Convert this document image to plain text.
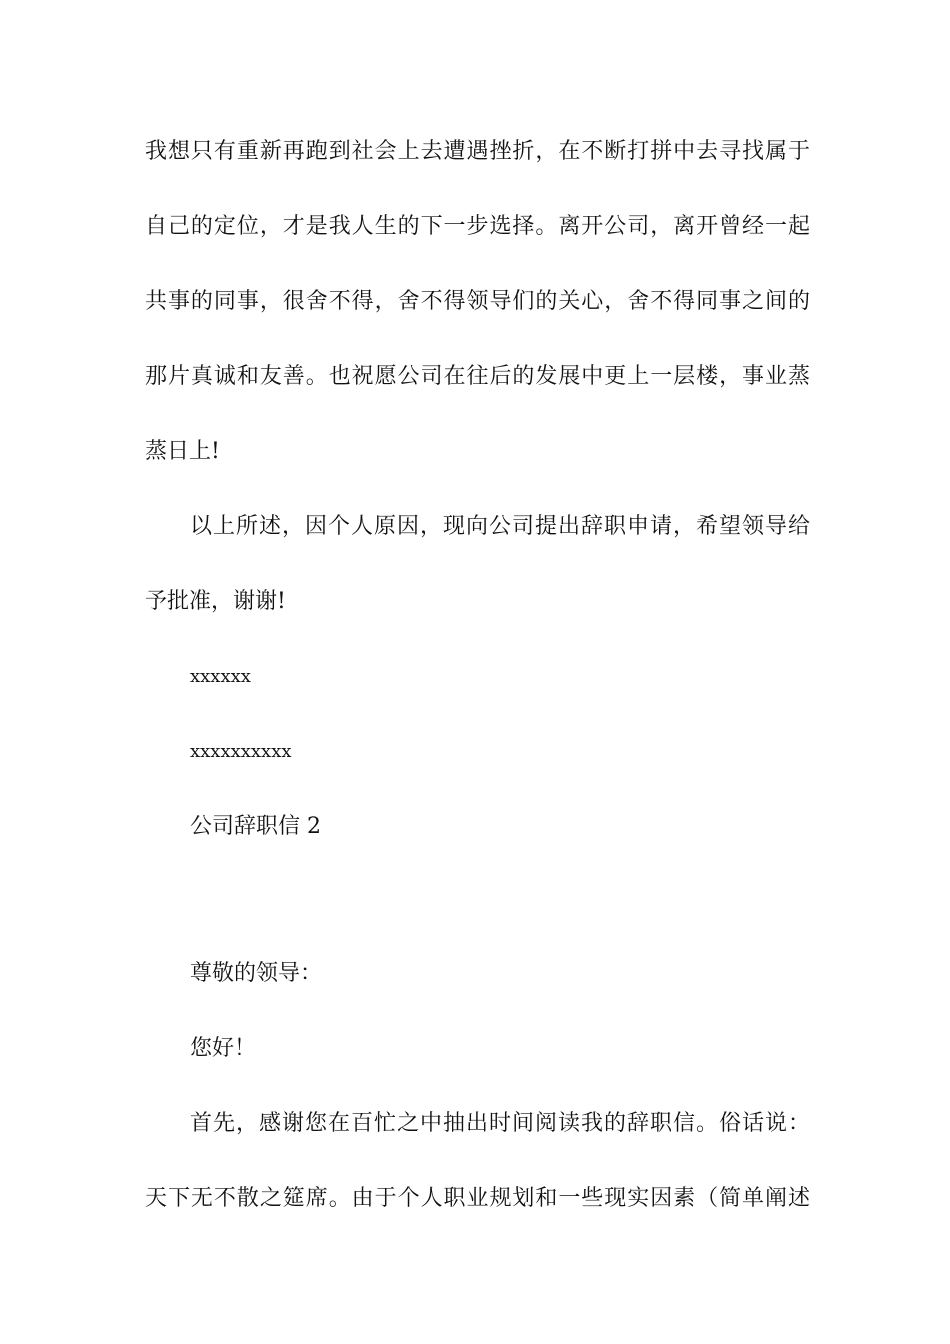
我想只有重新再跑到社会上去遭遇挫折，在不断打拼中去寻找属于
自己的定位，才是我人生的下一步选择。离开公司，离开曾经一起
共事的同事，很舍不得，舍不得领导们的关心，舍不得同事之间的
那片真诚和友善。也祝愿公司在往后的发展中更上一层楼，事业蒸
蒸日上!
以上所述，因个人原因，现向公司提出辞职申请，希望领导给
予批准，谢谢!
xxxxxx
xxxxxxxxxx
公司辞职信 2
尊敬的领导：
您好！
首先，感谢您在百忙之中抽出时间阅读我的辞职信。俗话说：
天下无不散之筵席。由于个人职业规划和一些现实因素（简单阐述
